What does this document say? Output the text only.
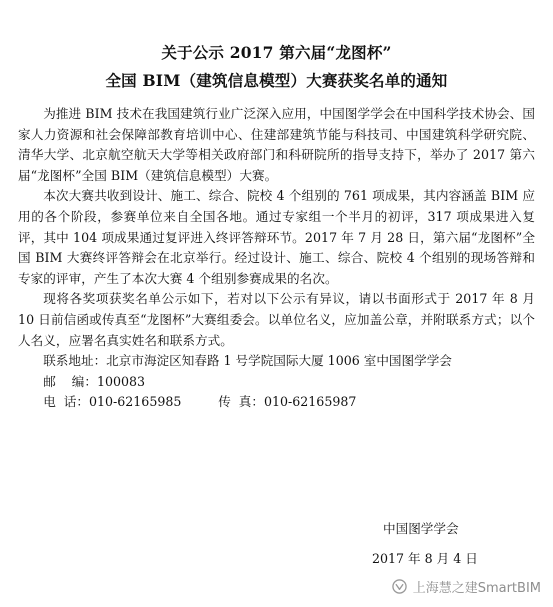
关于公示 2017 第六届“龙图杯”
全国 BIM（建筑信息模型）大赛获奖名单的通知

为推进 BIM 技术在我国建筑行业广泛深入应用，中国图学学会在中国科学技术协会、国家人力资源和社会保障部教育培训中心、住建部建筑节能与科技司、中国建筑科学研究院、清华大学、北京航空航天大学等相关政府部门和科研院所的指导支持下，举办了 2017 第六届“龙图杯”全国 BIM（建筑信息模型）大赛。

本次大赛共收到设计、施工、综合、院校 4 个组别的 761 项成果，其内容涵盖 BIM 应用的各个阶段，参赛单位来自全国各地。通过专家组一个半月的初评，317 项成果进入复评，其中 104 项成果通过复评进入终评答辩环节。2017 年 7 月 28 日，第六届“龙图杯”全国 BIM 大赛终评答辩会在北京举行。经过设计、施工、综合、院校 4 个组别的现场答辩和专家的评审，产生了本次大赛 4 个组别参赛成果的名次。

现将各奖项获奖名单公示如下，若对以下公示有异议，请以书面形式于 2017 年 8 月 10 日前信函或传真至“龙图杯”大赛组委会。以单位名义，应加盖公章，并附联系方式；以个人名义，应署名真实姓名和联系方式。

联系地址：北京市海淀区知春路 1 号学院国际大厦 1006 室中国图学学会

邮    编：100083

电  话：010-62165985	传  真：010-62165987
中国图学学会
2017 年 8 月 4 日
上海慧之建SmartBIM
